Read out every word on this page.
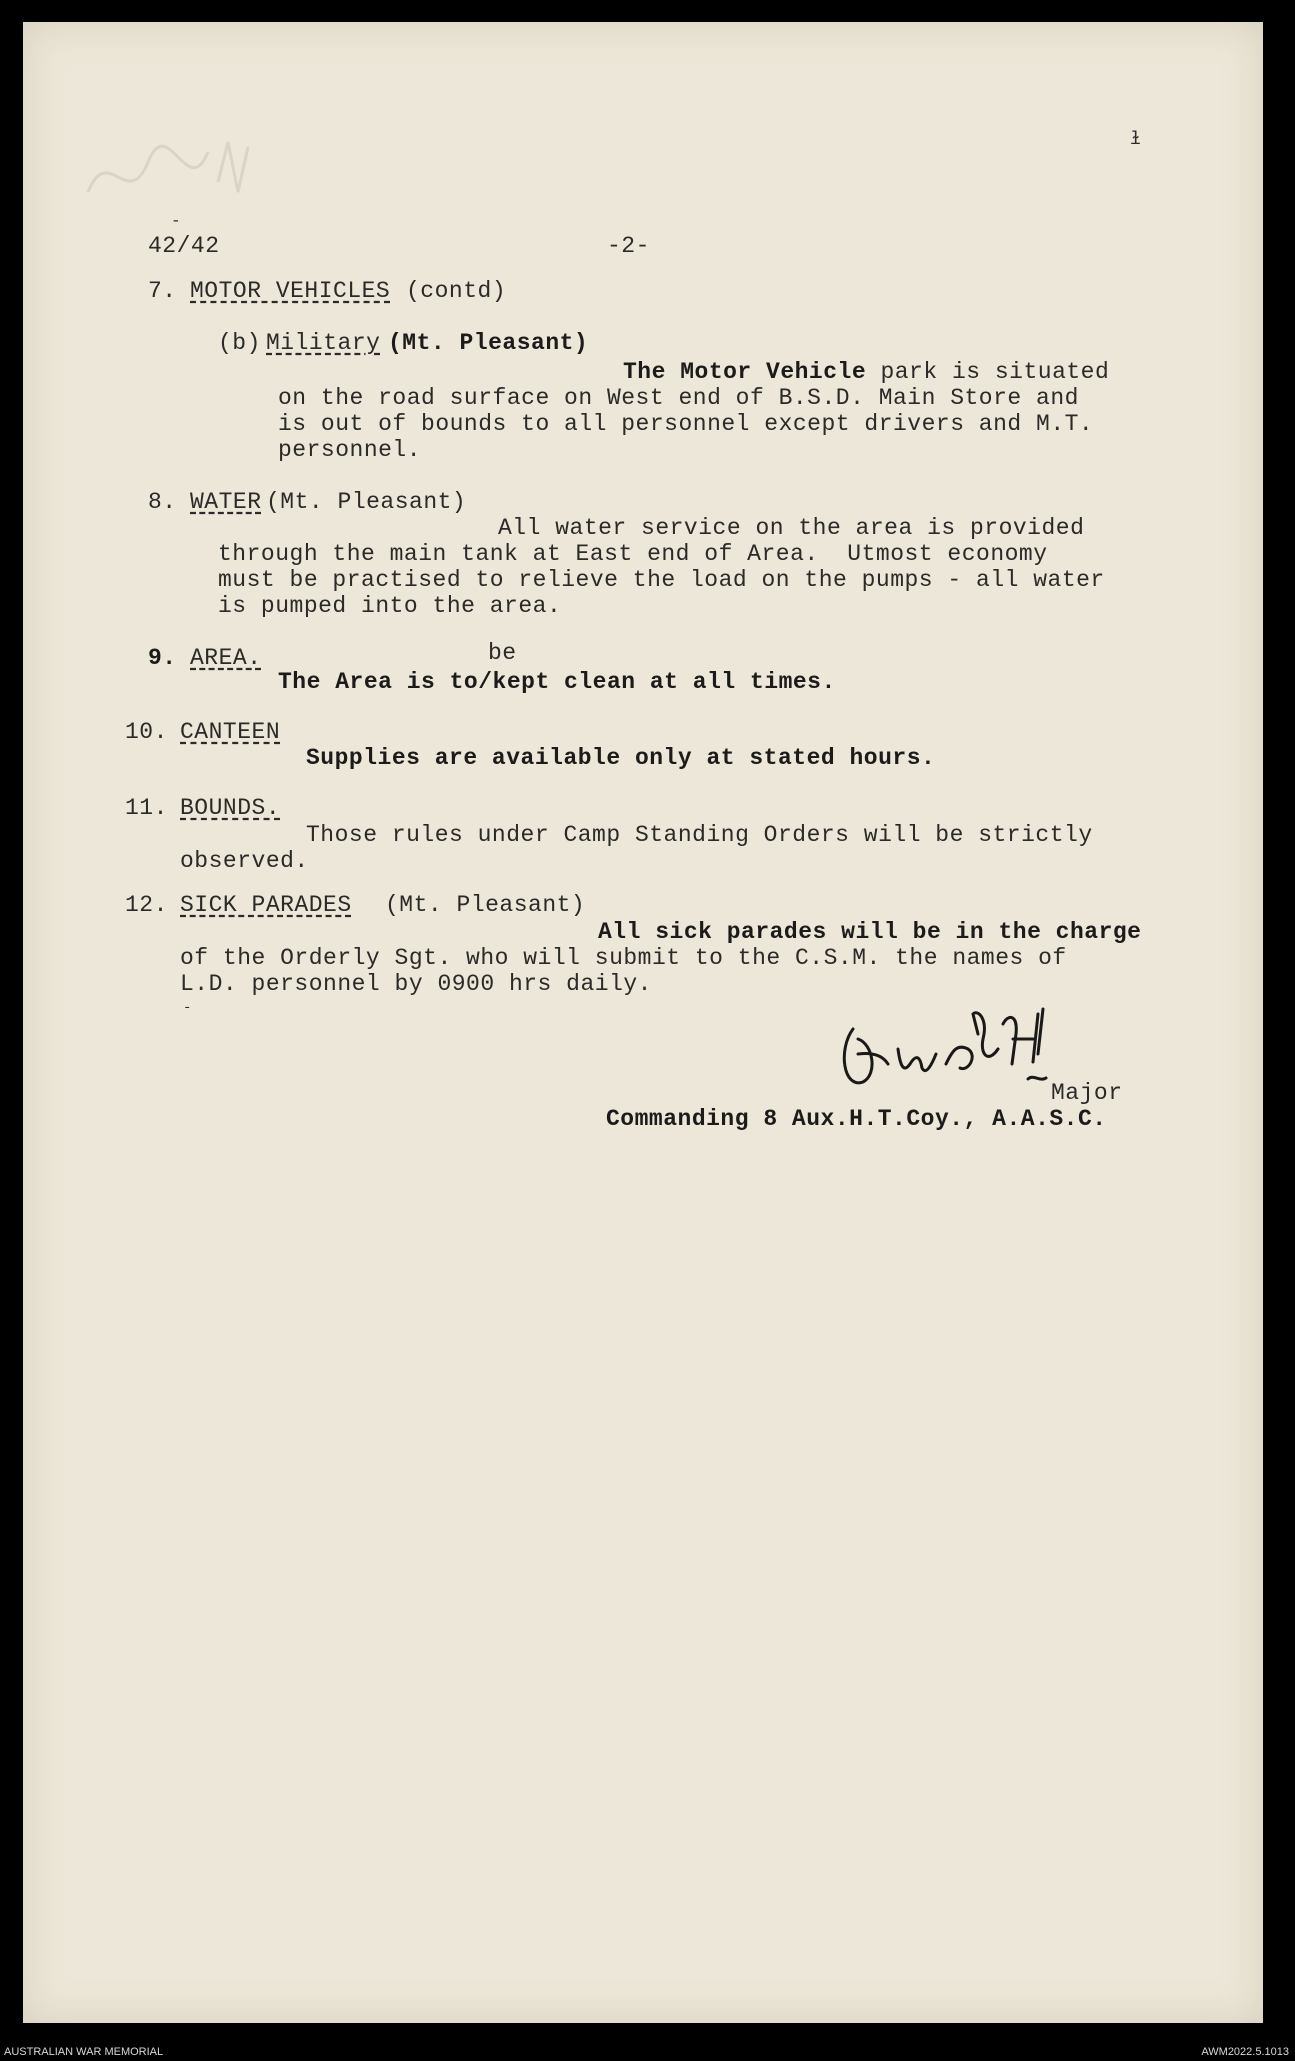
ɫ
-
42/42	-2-
7. MOTOR VEHICLES (contd)
(b) Military (Mt. Pleasant)
The Motor Vehicle park is situated
on the road surface on West end of B.S.D. Main Store and
is out of bounds to all personnel except drivers and M.T.
personnel.
8. WATER (Mt. Pleasant)
All water service on the area is provided
through the main tank at East end of Area.  Utmost economy
must be practised to relieve the load on the pumps - all water
is pumped into the area.
9. AREA.	be
The Area is to/kept clean at all times.
10. CANTEEN
Supplies are available only at stated hours.
11. BOUNDS.
Those rules under Camp Standing Orders will be strictly
observed.
12. SICK PARADES (Mt. Pleasant)
All sick parades will be in the charge
of the Orderly Sgt. who will submit to the C.S.M. the names of
L.D. personnel by 0900 hrs daily.
-
Major
Commanding 8 Aux.H.T.Coy., A.A.S.C.
AUSTRALIAN WAR MEMORIAL	AWM2022.5.1013
